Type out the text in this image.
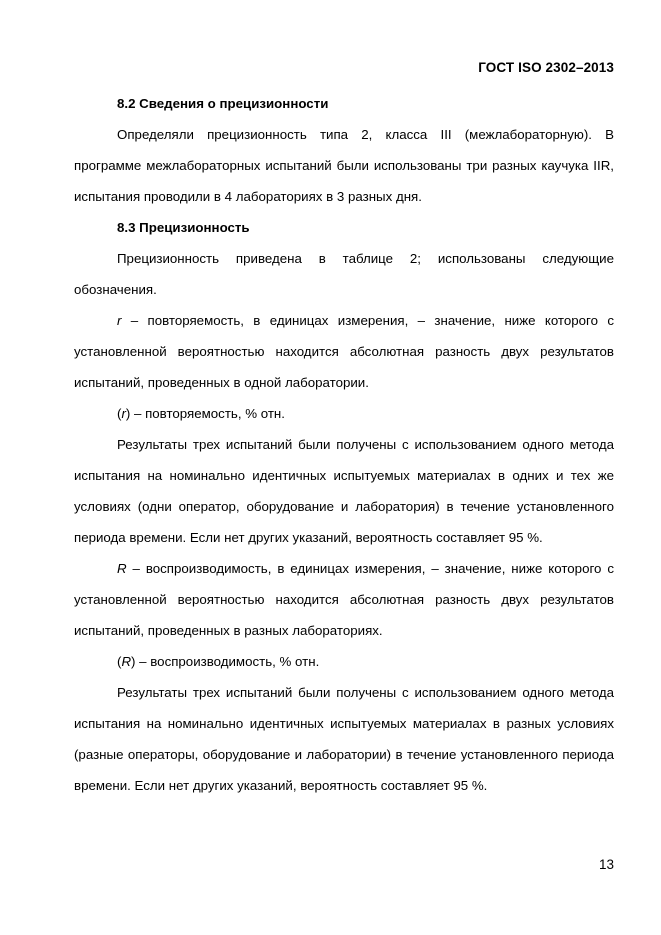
ГОСТ ISO 2302–2013

8.2 Сведения о прецизионности

Определяли прецизионность типа 2, класса III (межлабораторную). В программе межлабораторных испытаний были использованы три разных каучука IIR, испытания проводили в 4 лабораториях в 3 разных дня.

8.3 Прецизионность

Прецизионность приведена в таблице 2; использованы следующие обозначения.

r – повторяемость, в единицах измерения, – значение, ниже которого с установленной вероятностью находится абсолютная разность двух результатов испытаний, проведенных в одной лаборатории.

(r) – повторяемость, % отн.

Результаты трех испытаний были получены с использованием одного метода испытания на номинально идентичных испытуемых материалах в одних и тех же условиях (одни оператор, оборудование и лаборатория) в течение установленного периода времени. Если нет других указаний, вероятность составляет 95 %.

R – воспроизводимость, в единицах измерения, – значение, ниже которого с установленной вероятностью находится абсолютная разность двух результатов испытаний, проведенных в разных лабораториях.

(R) – воспроизводимость, % отн.

Результаты трех испытаний были получены с использованием одного метода испытания на номинально идентичных испытуемых материалах в разных условиях (разные операторы, оборудование и лаборатории) в течение установленного периода времени. Если нет других указаний, вероятность составляет 95 %.

13
